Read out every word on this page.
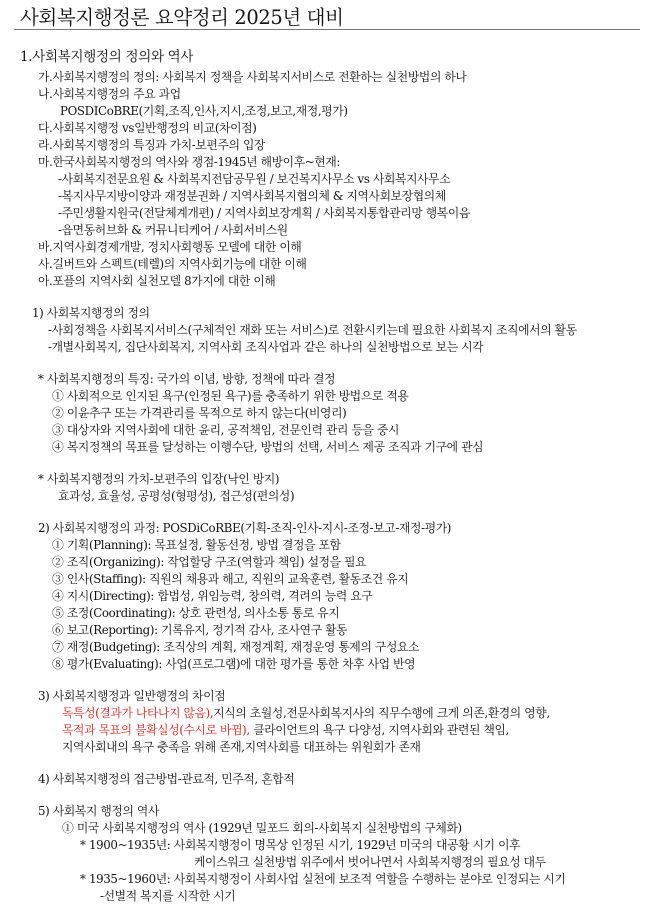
사회복지행정론 요약정리 2025년 대비
1.사회복지행정의 정의와 역사
가.사회복지행정의 정의: 사회복지 정책을 사회복지서비스로 전환하는 실천방법의 하나
나.사회복지행정의 주요 과업
POSDICoBRE(기획,조직,인사,지시,조정,보고,재정,평가)
다.사회복지행정 vs일반행정의 비교(차이점)
라.사회복지행정의 특징과 가치-보편주의 입장
마.한국사회복지행정의 역사와 쟁점-1945년 해방이후~현재:
-사회복지전문요원 & 사회복지전담공무원 / 보건복지사무소 vs 사회복지사무소
-복지사무지방이양과 재정분권화 / 지역사회복지협의체 & 지역사회보장협의체
-주민생활지원국(전달체계개편) / 지역사회보장계획 / 사회복지통합관리망 행복이음
-읍면동허브화 & 커뮤니티케어 / 사회서비스원
바.지역사회경제개발, 정치사회행동 모델에 대한 이해
사.길버트와 스펙트(테렐)의 지역사회기능에 대한 이해
아.포플의 지역사회 실천모델 8가지에 대한 이해
1) 사회복지행정의 정의
-사회정책을 사회복지서비스(구체적인 재화 또는 서비스)로 전환시키는데 필요한 사회복지 조직에서의 활동
-개별사회복지, 집단사회복지, 지역사회 조직사업과 같은 하나의 실천방법으로 보는 시각
* 사회복지행정의 특징: 국가의 이념, 방향, 정책에 따라 결정
① 사회적으로 인지된 욕구(인정된 욕구)를 충족하기 위한 방법으로 적용
② 이윤추구 또는 가격관리를 목적으로 하지 않는다(비영리)
③ 대상자와 지역사회에 대한 윤리, 공적책임, 전문인력 관리 등을 중시
④ 복지정책의 목표를 달성하는 이행수단, 방법의 선택, 서비스 제공 조직과 기구에 관심
* 사회복지행정의 가치-보편주의 입장(낙인 방지)
효과성, 효율성, 공평성(형평성), 접근성(편의성)
2) 사회복지행정의 과정: POSDiCoRBE(기획-조직-인사-지시-조정-보고-재정-평가)
① 기획(Planning): 목표설정, 활동선정, 방법 결정을 포함
② 조직(Organizing): 작업할당 구조(역할과 책임) 설정을 필요
③ 인사(Staffing): 직원의 채용과 해고, 직원의 교육훈련, 활동조건 유지
④ 지시(Directing): 합법성, 위임능력, 창의력, 격려의 능력 요구
⑤ 조정(Coordinating): 상호 관련성, 의사소통 통로 유지
⑥ 보고(Reporting): 기록유지, 정기적 감사, 조사연구 활동
⑦ 재정(Budgeting): 조직상의 계획, 재정계획, 재정운영 통제의 구성요소
⑧ 평가(Evaluating): 사업(프로그램)에 대한 평가를 통한 차후 사업 반영
3) 사회복지행정과 일반행정의 차이점
독특성(결과가 나타나지 않음),지식의 초월성,전문사회복지사의 직무수행에 크게 의존,환경의 영향,
목적과 목표의 불확실성(수시로 바뀜), 클라이언트의 욕구 다양성, 지역사회와 관련된 책임,
지역사회내의 욕구 충족을 위해 존재,지역사회를 대표하는 위원회가 존재
4) 사회복지행정의 접근방법-관료적, 민주적, 혼합적
5) 사회복지 행정의 역사
① 미국 사회복지행정의 역사 (1929년 밀포드 회의-사회복지 실천방법의 구체화)
* 1900~1935년: 사회복지행정이 명목상 인정된 시기, 1929년 미국의 대공황 시기 이후
케이스워크 실천방법 위주에서 벗어나면서 사회복지행정의 필요성 대두
* 1935~1960년: 사회복지행정이 사회사업 실천에 보조적 역할을 수행하는 분야로 인정되는 시기
-선별적 복지를 시작한 시기
